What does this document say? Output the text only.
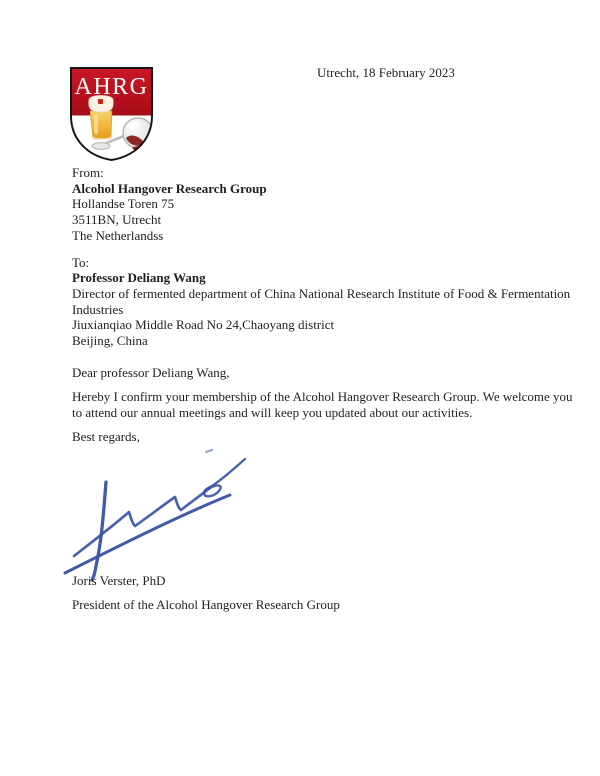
AHRG
Utrecht, 18 February 2023
From:
Alcohol Hangover Research Group
Hollandse Toren 75
3511BN, Utrecht
The Netherlandss
To:
Professor Deliang Wang
Director of fermented department of China National Research Institute of Food & Fermentation
Industries
Jiuxianqiao Middle Road No 24,Chaoyang district
Beijing, China
Dear professor Deliang Wang,
Hereby I confirm your membership of the Alcohol Hangover Research Group. We welcome you
to attend our annual meetings and will keep you updated about our activities.
Best regards,
Joris Verster, PhD
President of the Alcohol Hangover Research Group
